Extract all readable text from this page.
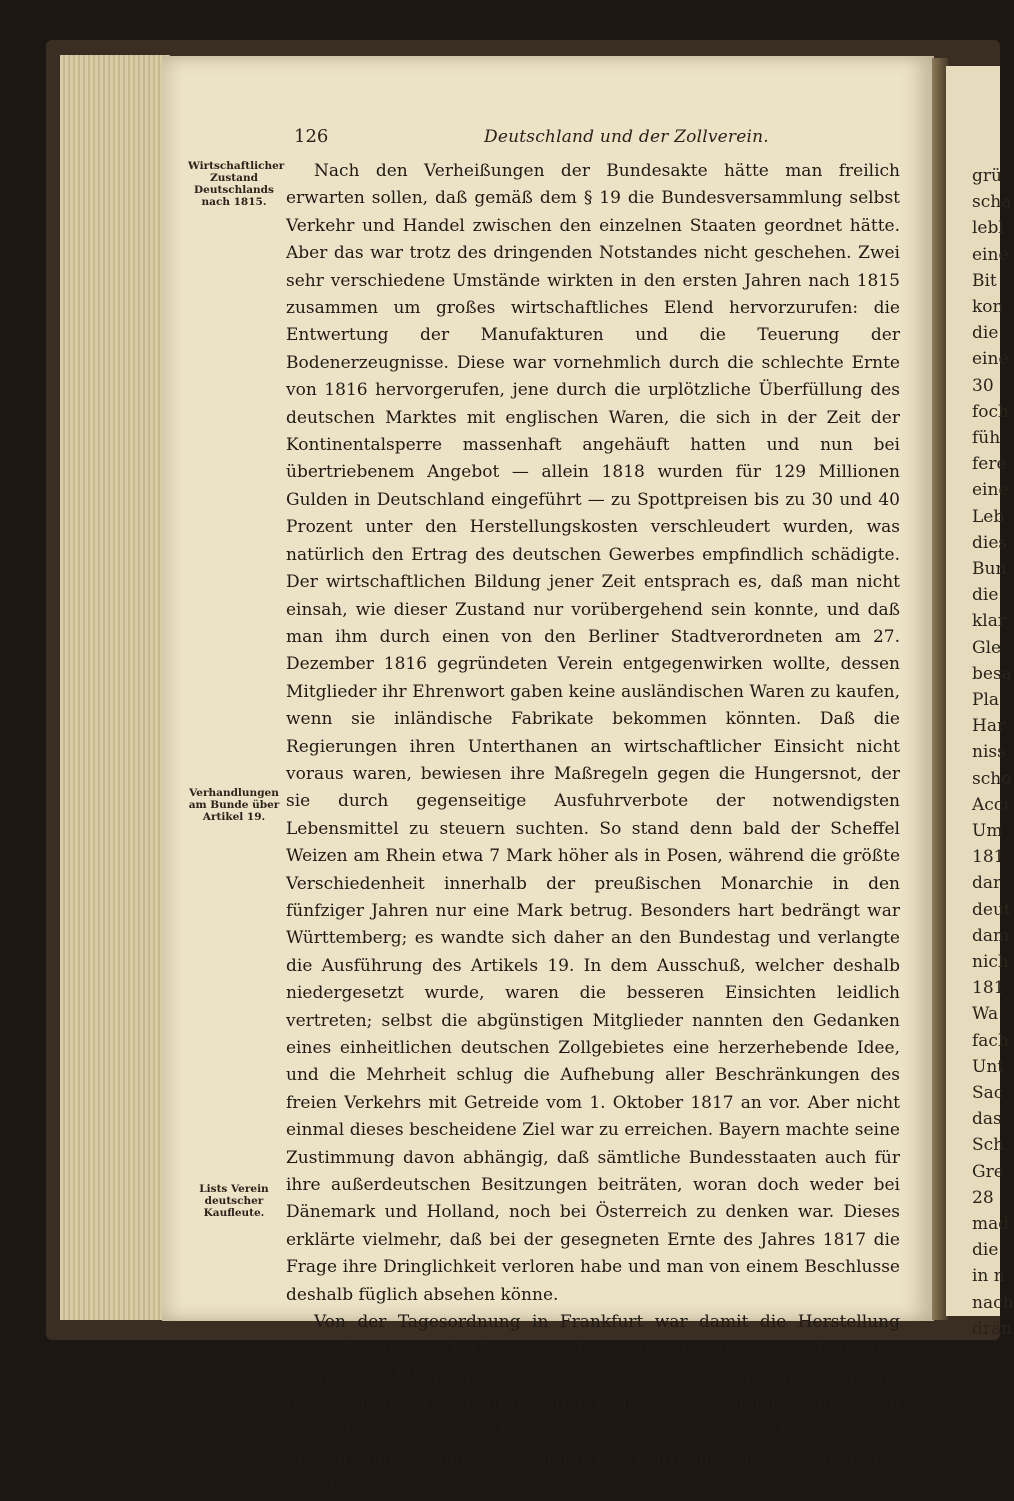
grü
scha
lebl
eine
Bit
kon
die
eine
30
foch
füh
fere
eine
Leb
dies
Bun
die
klar
Gle
besa
Pla
Har
niss
scho
Acci
Um
181
dar
deut
dam
nich
181
Wa
fach
Unt
Sac
das
Sch
Gre
28
mad
die
in n
nach
drän
126	Deutschland und der Zollverein.
Wirtschaftlicher Zustand Deutschlands nach 1815.
Verhandlungen am Bunde über Artikel 19.
Lists Verein deutscher Kaufleute.

Nach den Verheißungen der Bundesakte hätte man freilich erwarten sollen, daß gemäß dem § 19 die Bundesversammlung selbst Verkehr und Handel zwischen den einzelnen Staaten geordnet hätte. Aber das war trotz des dringenden Notstandes nicht geschehen. Zwei sehr verschiedene Umstände wirkten in den ersten Jahren nach 1815 zusammen um großes wirtschaftliches Elend hervorzurufen: die Entwertung der Manufakturen und die Teuerung der Bodenerzeugnisse. Diese war vornehmlich durch die schlechte Ernte von 1816 hervorgerufen, jene durch die urplötzliche Überfüllung des deutschen Marktes mit englischen Waren, die sich in der Zeit der Kontinentalsperre massenhaft angehäuft hatten und nun bei übertriebenem Angebot — allein 1818 wurden für 129 Millionen Gulden in Deutschland eingeführt — zu Spottpreisen bis zu 30 und 40 Prozent unter den Herstellungskosten verschleudert wurden, was natürlich den Ertrag des deutschen Gewerbes empfindlich schädigte. Der wirtschaftlichen Bildung jener Zeit entsprach es, daß man nicht einsah, wie dieser Zustand nur vorübergehend sein konnte, und daß man ihm durch einen von den Berliner Stadtverordneten am 27. Dezember 1816 gegründeten Verein entgegenwirken wollte, dessen Mitglieder ihr Ehrenwort gaben keine ausländischen Waren zu kaufen, wenn sie inländische Fabrikate bekommen könnten. Daß die Regierungen ihren Unterthanen an wirtschaftlicher Einsicht nicht voraus waren, bewiesen ihre Maßregeln gegen die Hungersnot, der sie durch gegenseitige Ausfuhrverbote der notwendigsten Lebensmittel zu steuern suchten. So stand denn bald der Scheffel Weizen am Rhein etwa 7 Mark höher als in Posen, während die größte Verschiedenheit innerhalb der preußischen Monarchie in den fünfziger Jahren nur eine Mark betrug. Besonders hart bedrängt war Württemberg; es wandte sich daher an den Bundestag und verlangte die Ausführung des Artikels 19. In dem Ausschuß, welcher deshalb niedergesetzt wurde, waren die besseren Einsichten leidlich vertreten; selbst die abgünstigen Mitglieder nannten den Gedanken eines einheitlichen deutschen Zollgebietes eine herzerhebende Idee, und die Mehrheit schlug die Aufhebung aller Beschränkungen des freien Verkehrs mit Getreide vom 1. Oktober 1817 an vor. Aber nicht einmal dieses bescheidene Ziel war zu erreichen. Bayern machte seine Zustimmung davon abhängig, daß sämtliche Bundesstaaten auch für ihre außerdeutschen Besitzungen beiträten, woran doch weder bei Dänemark und Holland, noch bei Österreich zu denken war. Dieses erklärte vielmehr, daß bei der gesegneten Ernte des Jahres 1817 die Frage ihre Dringlichkeit verloren habe und man von einem Beschlusse deshalb füglich absehen könne.

Von der Tagesordnung in Frankfurt war damit die Herstellung eines leichteren Verkehrs wieder entfernt; aber sowohl in der öffentlichen Meinung wie von einzelnen Regierungen wurde die Frage festgehalten. In den Mittel- und Kleinstaaten klammerte man sich dabei, trotz des ersten Mißlingens, nach wie vor an den Bundestag. In diesem Sinne entfaltete besonders der Württemberger Friedrich List, ein Mann von
